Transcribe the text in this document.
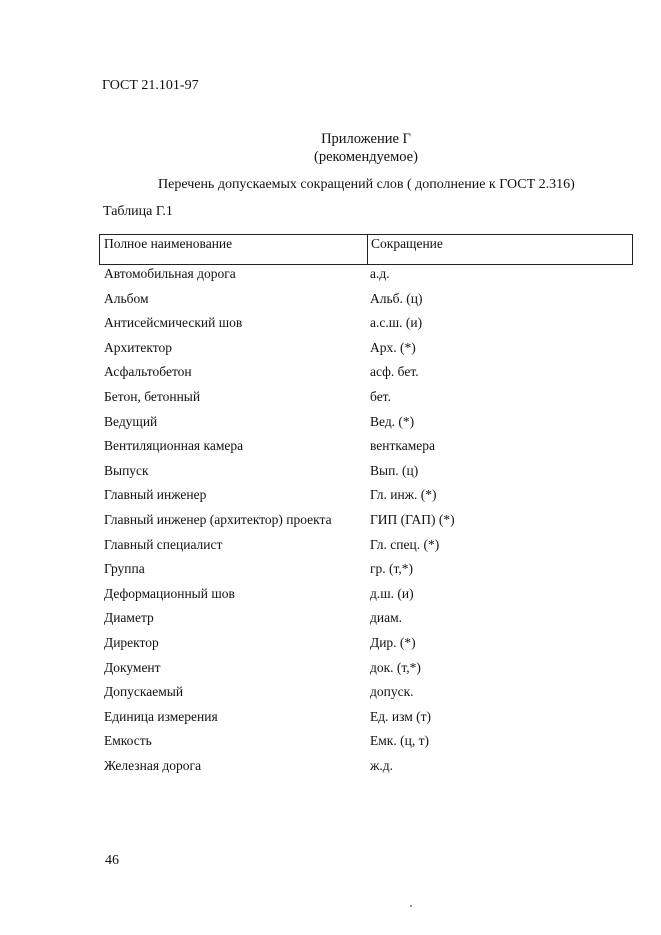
ГОСТ 21.101-97
Приложение Г
(рекомендуемое)
Перечень допускаемых сокращений слов ( дополнение к ГОСТ 2.316)
Таблица Г.1
Полное наименование	Сокращение
Автомобильная дорога	а.д.
Альбом	Альб. (ц)
Антисейсмический шов	а.с.ш. (и)
Архитектор	Арх. (*)
Асфальтобетон	асф. бет.
Бетон, бетонный	бет.
Ведущий	Вед. (*)
Вентиляционная камера	венткамера
Выпуск	Вып. (ц)
Главный инженер	Гл. инж. (*)
Главный инженер (архитектор) проекта	ГИП (ГАП) (*)
Главный специалист	Гл. спец. (*)
Группа	гр. (т,*)
Деформационный шов	д.ш. (и)
Диаметр	диам.
Директор	Дир. (*)
Документ	док. (т,*)
Допускаемый	допуск.
Единица измерения	Ед. изм (т)
Емкость	Емк. (ц, т)
Железная дорога	ж.д.
46
